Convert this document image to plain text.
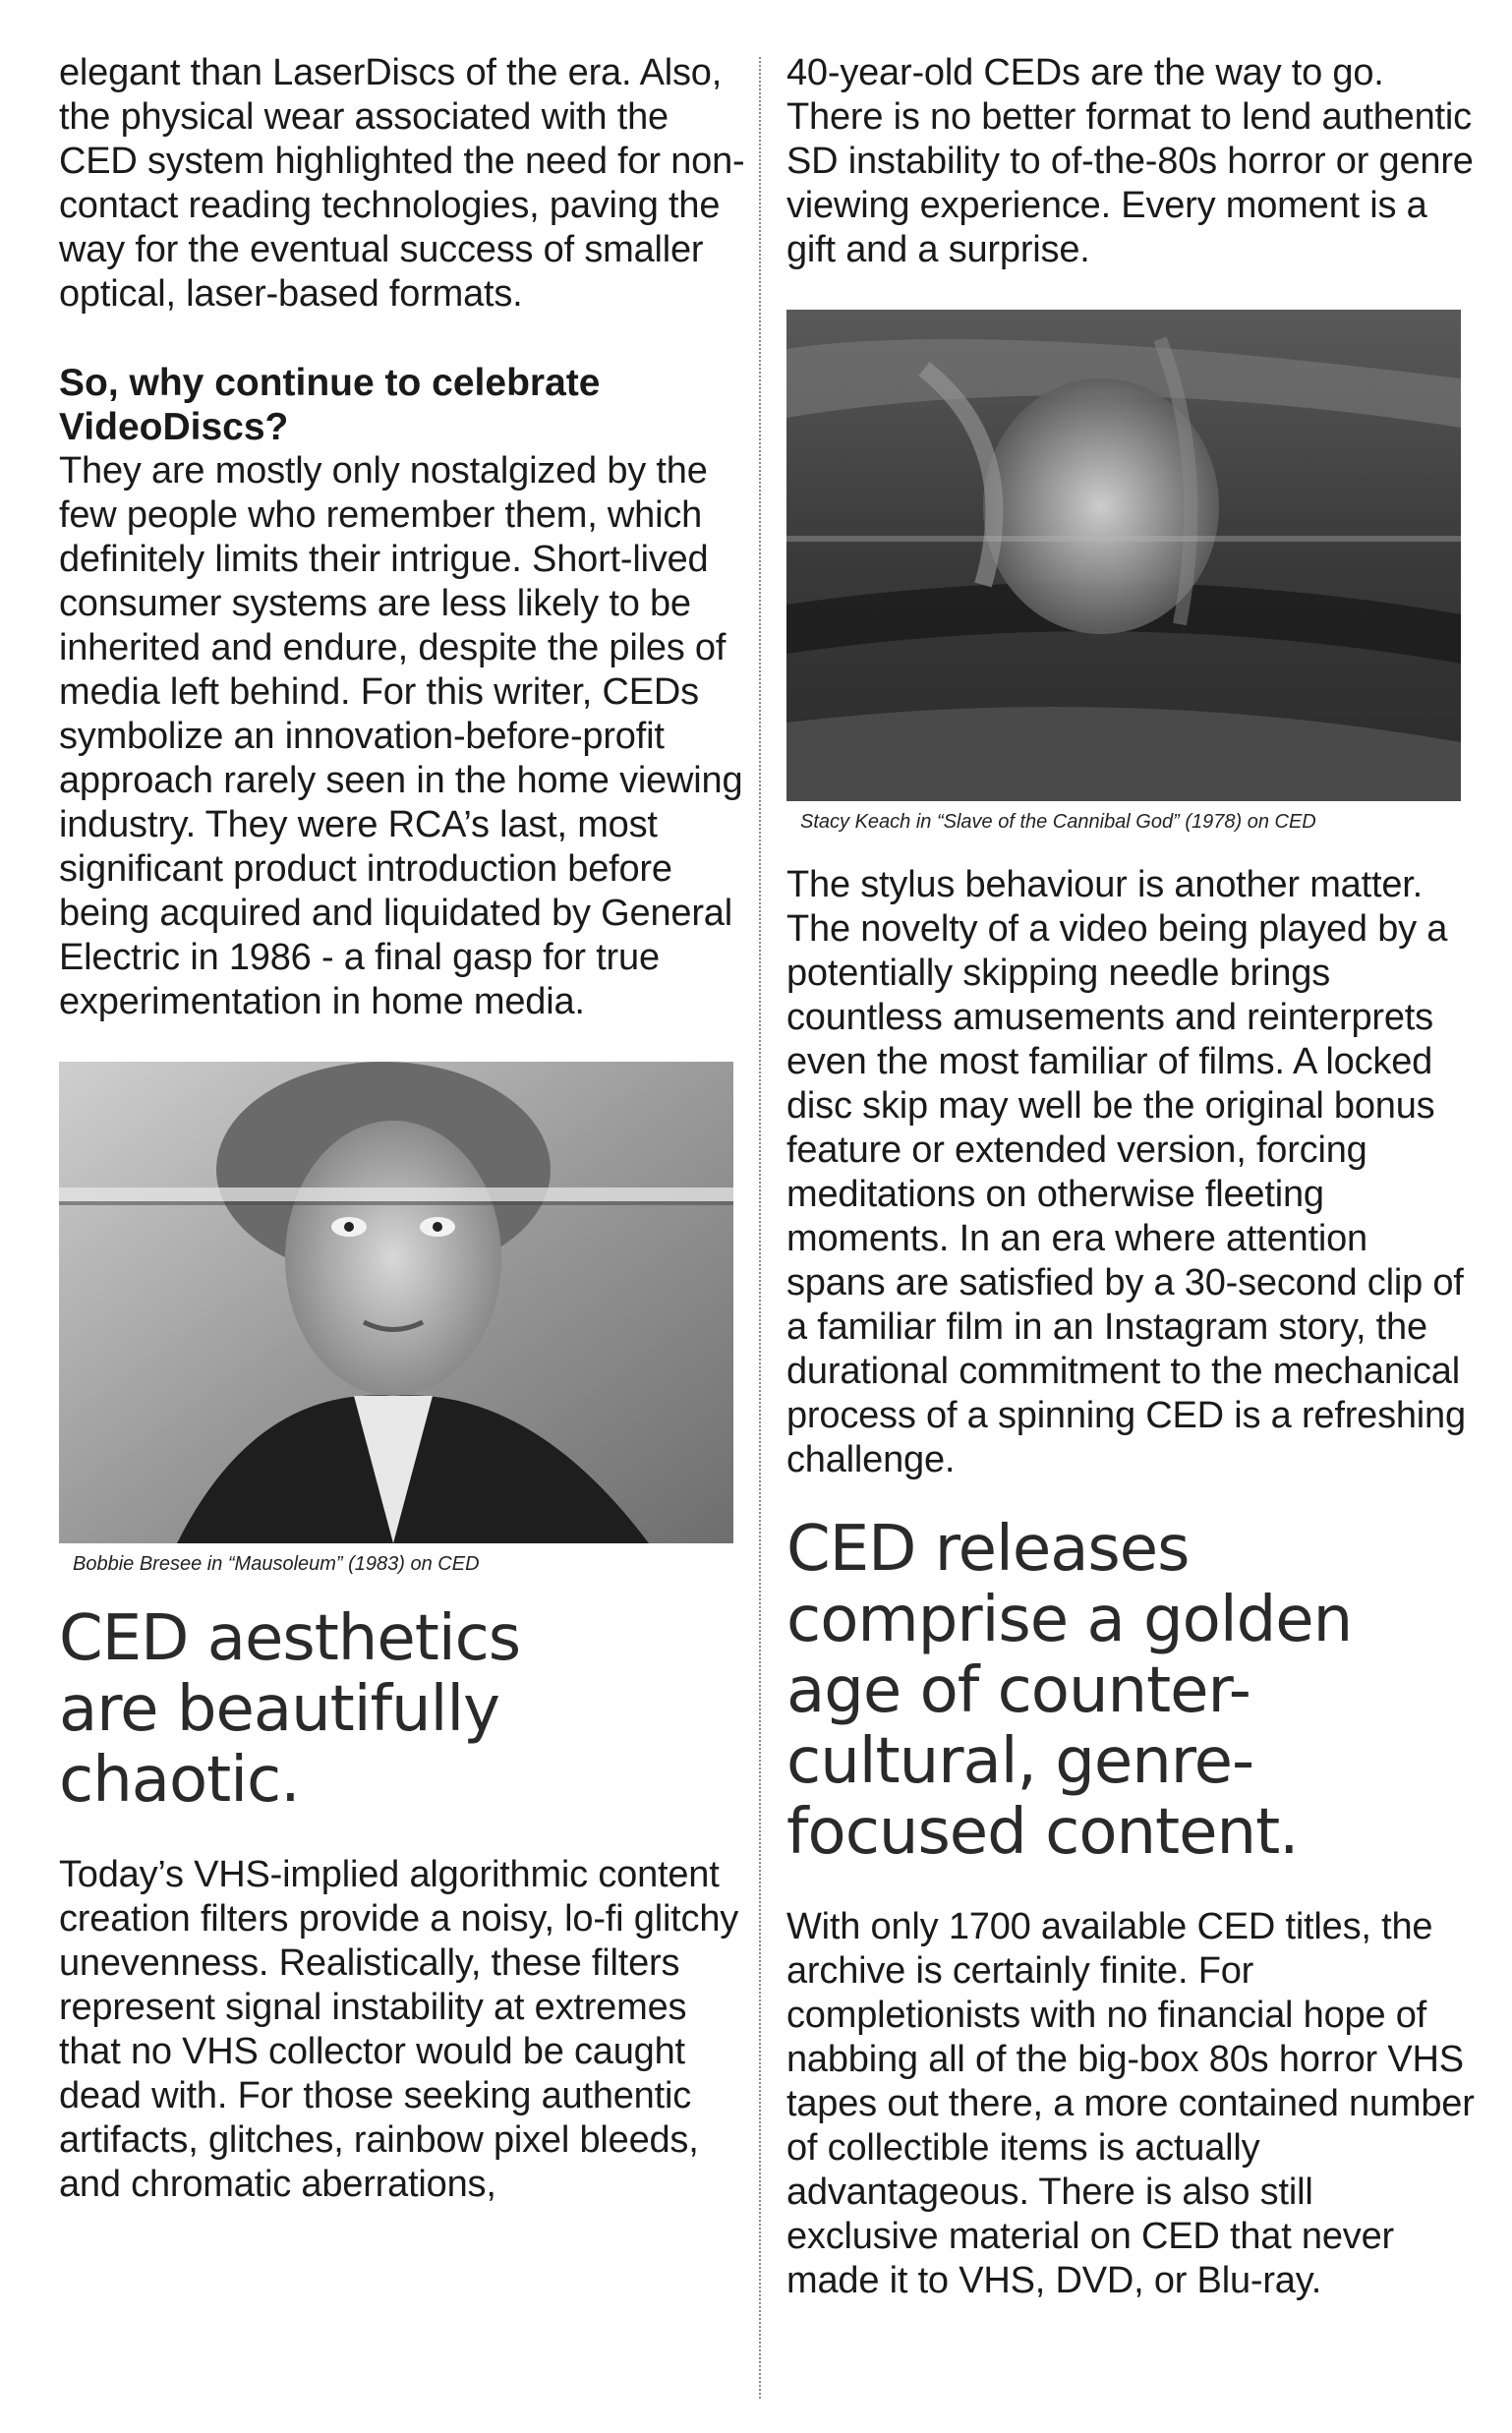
elegant than LaserDiscs of the era. Also, the physical wear associated with the CED system highlighted the need for non-contact reading technologies, paving the way for the eventual success of smaller optical, laser-based formats.

So, why continue to celebrate VideoDiscs?

They are mostly only nostalgized by the few people who remember them, which definitely limits their intrigue. Short-lived consumer systems are less likely to be inherited and endure, despite the piles of media left behind. For this writer, CEDs symbolize an innovation-before-profit approach rarely seen in the home viewing industry. They were RCA’s last, most significant product introduction before being acquired and liquidated by General Electric in 1986 - a final gasp for true experimentation in home media.

Bobbie Bresee in “Mausoleum” (1983) on CED

CED aesthetics are beautifully chaotic.

Today’s VHS-implied algorithmic content creation filters provide a noisy, lo-fi glitchy unevenness. Realistically, these filters represent signal instability at extremes that no VHS collector would be caught dead with. For those seeking authentic artifacts, glitches, rainbow pixel bleeds, and chromatic aberrations,

40-year-old CEDs are the way to go. There is no better format to lend authentic SD instability to of-the-80s horror or genre viewing experience. Every moment is a gift and a surprise.

Stacy Keach in “Slave of the Cannibal God” (1978) on CED

The stylus behaviour is another matter. The novelty of a video being played by a potentially skipping needle brings countless amusements and reinterprets even the most familiar of films. A locked disc skip may well be the original bonus feature or extended version, forcing meditations on otherwise fleeting moments. In an era where attention spans are satisfied by a 30-second clip of a familiar film in an Instagram story, the durational commitment to the mechanical process of a spinning CED is a refreshing challenge.

CED releases comprise a golden age of counter-cultural, genre-focused content.

With only 1700 available CED titles, the archive is certainly finite. For completionists with no financial hope of nabbing all of the big-box 80s horror VHS tapes out there, a more contained number of collectible items is actually advantageous. There is also still exclusive material on CED that never made it to VHS, DVD, or Blu-ray.
